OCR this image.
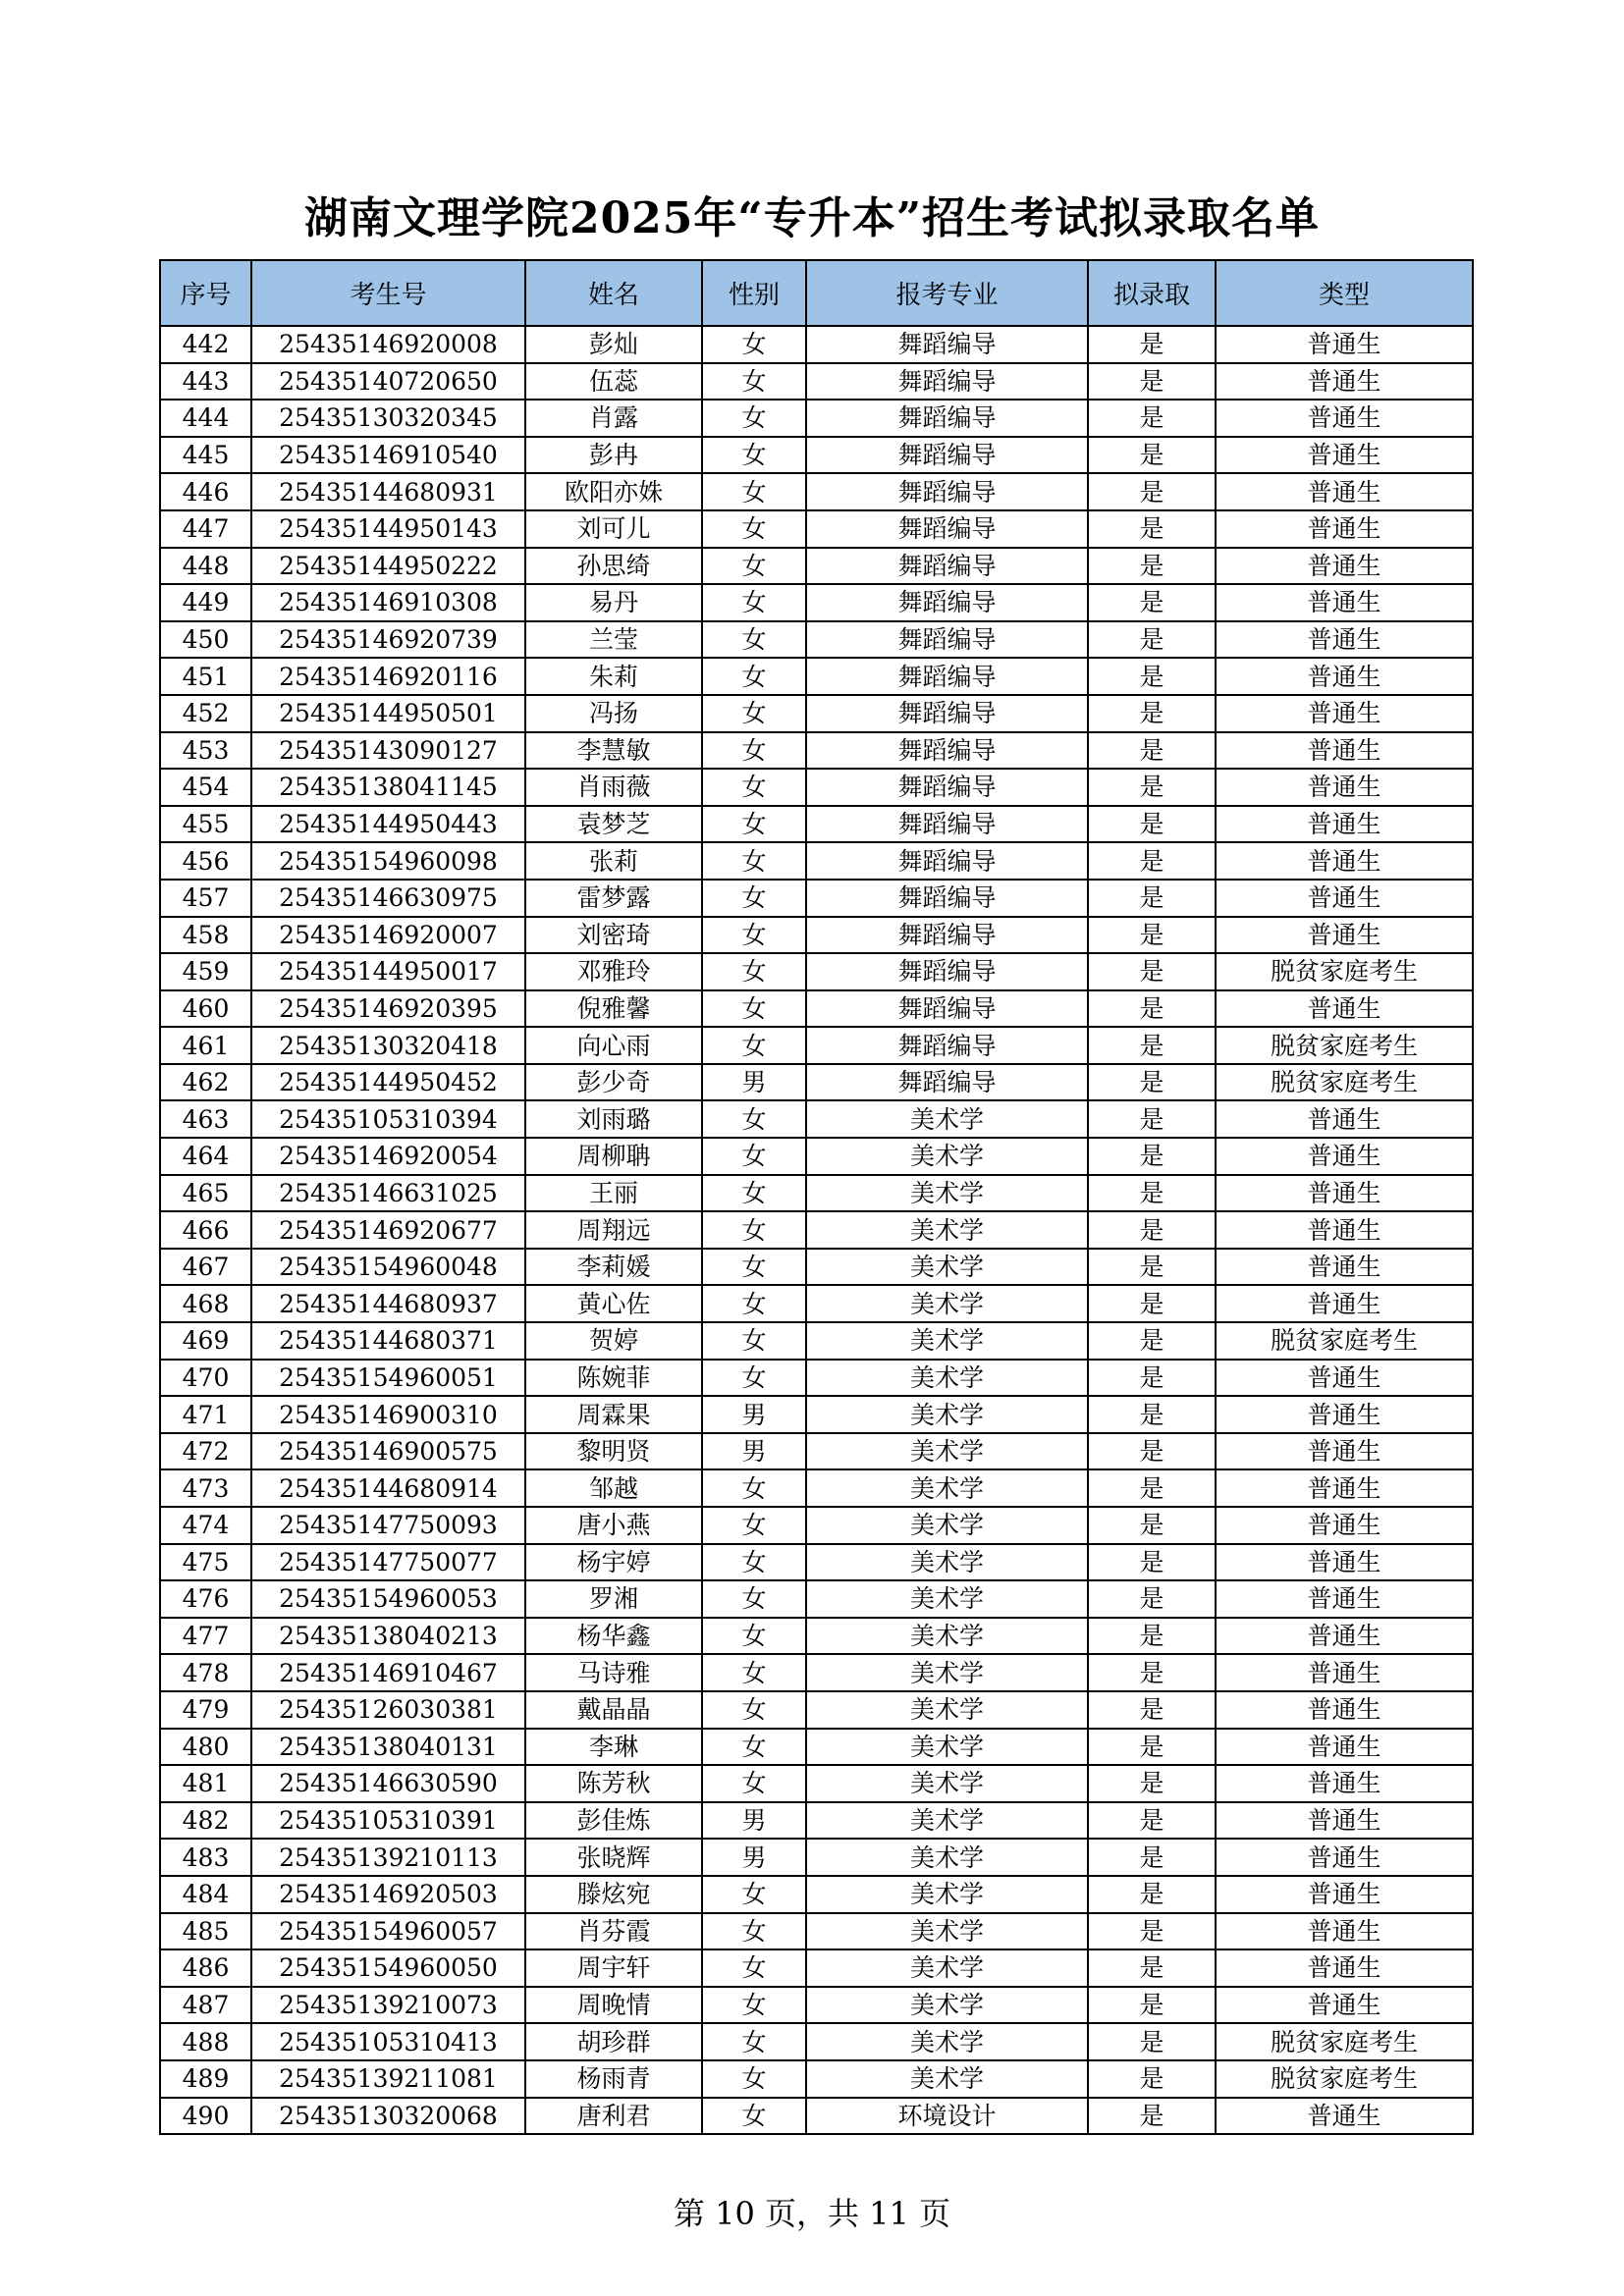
湖南文理学院2025年“专升本”招生考试拟录取名单
序号	考生号	姓名	性别	报考专业	拟录取	类型
442	25435146920008	彭灿	女	舞蹈编导	是	普通生
443	25435140720650	伍蕊	女	舞蹈编导	是	普通生
444	25435130320345	肖露	女	舞蹈编导	是	普通生
445	25435146910540	彭冉	女	舞蹈编导	是	普通生
446	25435144680931	欧阳亦姝	女	舞蹈编导	是	普通生
447	25435144950143	刘可儿	女	舞蹈编导	是	普通生
448	25435144950222	孙思绮	女	舞蹈编导	是	普通生
449	25435146910308	易丹	女	舞蹈编导	是	普通生
450	25435146920739	兰莹	女	舞蹈编导	是	普通生
451	25435146920116	朱莉	女	舞蹈编导	是	普通生
452	25435144950501	冯扬	女	舞蹈编导	是	普通生
453	25435143090127	李慧敏	女	舞蹈编导	是	普通生
454	25435138041145	肖雨薇	女	舞蹈编导	是	普通生
455	25435144950443	袁梦芝	女	舞蹈编导	是	普通生
456	25435154960098	张莉	女	舞蹈编导	是	普通生
457	25435146630975	雷梦露	女	舞蹈编导	是	普通生
458	25435146920007	刘密琦	女	舞蹈编导	是	普通生
459	25435144950017	邓雅玲	女	舞蹈编导	是	脱贫家庭考生
460	25435146920395	倪雅馨	女	舞蹈编导	是	普通生
461	25435130320418	向心雨	女	舞蹈编导	是	脱贫家庭考生
462	25435144950452	彭少奇	男	舞蹈编导	是	脱贫家庭考生
463	25435105310394	刘雨璐	女	美术学	是	普通生
464	25435146920054	周柳聃	女	美术学	是	普通生
465	25435146631025	王丽	女	美术学	是	普通生
466	25435146920677	周翔远	女	美术学	是	普通生
467	25435154960048	李莉媛	女	美术学	是	普通生
468	25435144680937	黄心佐	女	美术学	是	普通生
469	25435144680371	贺婷	女	美术学	是	脱贫家庭考生
470	25435154960051	陈婉菲	女	美术学	是	普通生
471	25435146900310	周霖果	男	美术学	是	普通生
472	25435146900575	黎明贤	男	美术学	是	普通生
473	25435144680914	邹越	女	美术学	是	普通生
474	25435147750093	唐小燕	女	美术学	是	普通生
475	25435147750077	杨宇婷	女	美术学	是	普通生
476	25435154960053	罗湘	女	美术学	是	普通生
477	25435138040213	杨华鑫	女	美术学	是	普通生
478	25435146910467	马诗雅	女	美术学	是	普通生
479	25435126030381	戴晶晶	女	美术学	是	普通生
480	25435138040131	李琳	女	美术学	是	普通生
481	25435146630590	陈芳秋	女	美术学	是	普通生
482	25435105310391	彭佳炼	男	美术学	是	普通生
483	25435139210113	张晓辉	男	美术学	是	普通生
484	25435146920503	滕炫宛	女	美术学	是	普通生
485	25435154960057	肖芬霞	女	美术学	是	普通生
486	25435154960050	周宇轩	女	美术学	是	普通生
487	25435139210073	周晚情	女	美术学	是	普通生
488	25435105310413	胡珍群	女	美术学	是	脱贫家庭考生
489	25435139211081	杨雨青	女	美术学	是	脱贫家庭考生
490	25435130320068	唐利君	女	环境设计	是	普通生
第 10 页，共 11 页
